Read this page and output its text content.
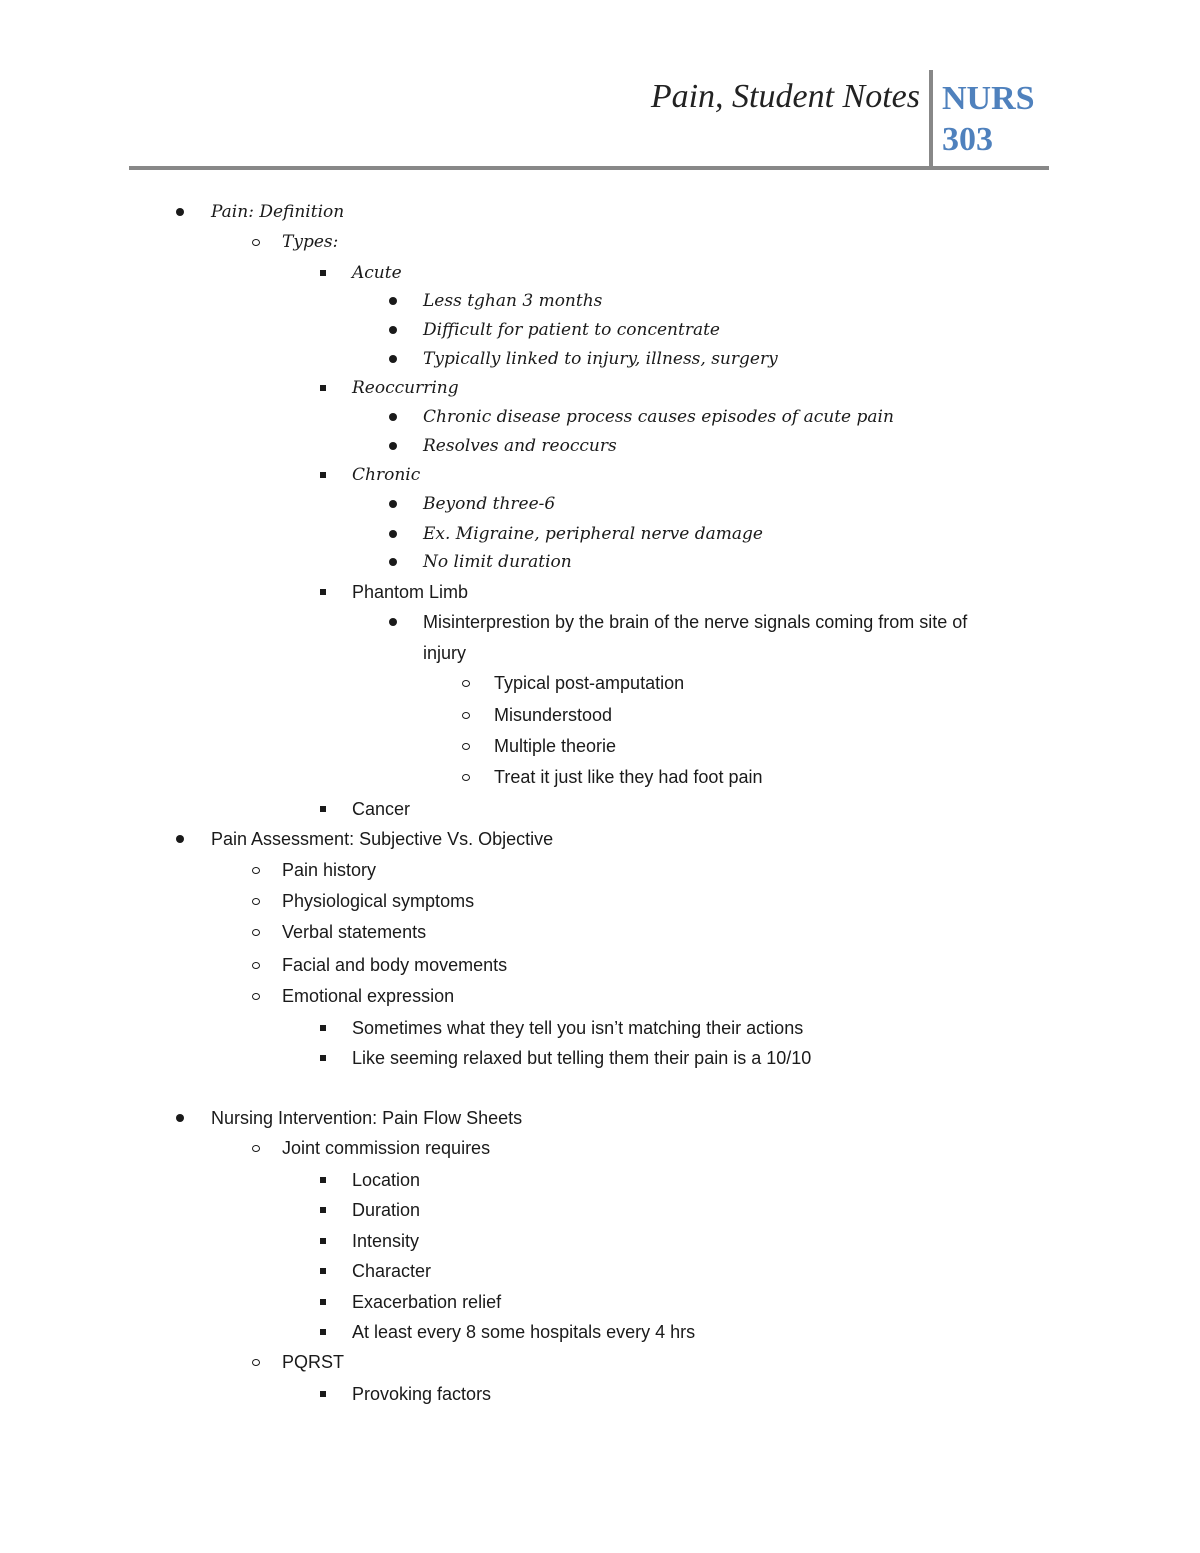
Pain, Student Notes NURS
303
Pain: Definition
Types:
Acute
Less tghan 3 months
Difficult for patient to concentrate
Typically linked to injury, illness, surgery
Reoccurring
Chronic disease process causes episodes of acute pain
Resolves and reoccurs
Chronic
Beyond three-6
Ex. Migraine, peripheral nerve damage
No limit duration
Phantom Limb
Misinterprestion by the brain of the nerve signals coming from site of
injury
Typical post-amputation
Misunderstood
Multiple theorie
Treat it just like they had foot pain
Cancer
Pain Assessment: Subjective Vs. Objective
Pain history
Physiological symptoms
Verbal statements
Facial and body movements
Emotional expression
Sometimes what they tell you isn’t matching their actions
Like seeming relaxed but telling them their pain is a 10/10
Nursing Intervention: Pain Flow Sheets
Joint commission requires
Location
Duration
Intensity
Character
Exacerbation relief
At least every 8 some hospitals every 4 hrs
PQRST
Provoking factors
